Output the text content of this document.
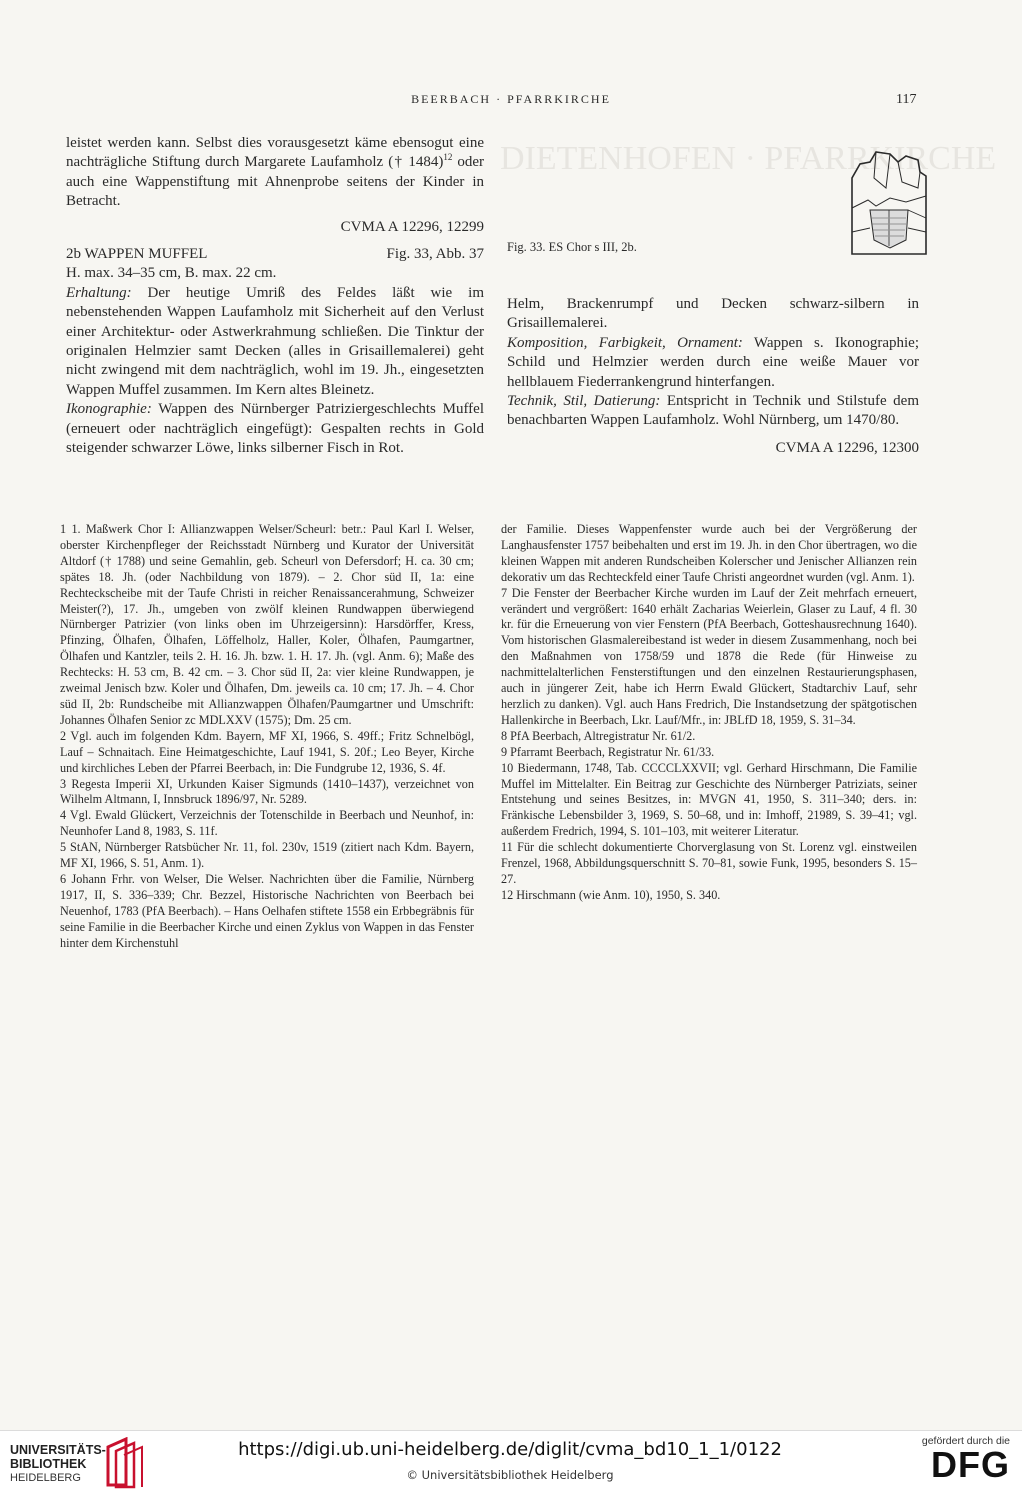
DIETENHOFEN · PFARRKIRCHE
BEERBACH · PFARRKIRCHE	117

leistet werden kann. Selbst dies vorausgesetzt käme ebensogut eine nachträgliche Stiftung durch Margarete Laufamholz († 1484)$^{12}$ oder auch eine Wappenstiftung mit Ahnenprobe seitens der Kinder in Betracht.

CVMA A 12296, 12299

2b WAPPEN MUFFEL	Fig. 33, Abb. 37

H. max. 34–35 cm, B. max. 22 cm.

Erhaltung: Der heutige Umriß des Feldes läßt wie im nebenstehenden Wappen Laufamholz mit Sicherheit auf den Verlust einer Architektur- oder Astwerkrahmung schließen. Die Tinktur der originalen Helmzier samt Decken (alles in Grisaillemalerei) geht nicht zwingend mit dem nachträglich, wohl im 19. Jh., eingesetzten Wappen Muffel zusammen. Im Kern altes Bleinetz.

Ikonographie: Wappen des Nürnberger Patriziergeschlechts Muffel (erneuert oder nachträglich eingefügt): Gespalten rechts in Gold steigender schwarzer Löwe, links silberner Fisch in Rot.

Fig. 33. ES Chor s III, 2b.

Helm, Brackenrumpf und Decken schwarz-silbern in Grisaillemalerei.

Komposition, Farbigkeit, Ornament: Wappen s. Ikonographie; Schild und Helmzier werden durch eine weiße Mauer vor hellblauem Fiederrankengrund hinterfangen.

Technik, Stil, Datierung: Entspricht in Technik und Stilstufe dem benachbarten Wappen Laufamholz. Wohl Nürnberg, um 1470/80.

CVMA A 12296, 12300

1 1. Maßwerk Chor I: Allianzwappen Welser/Scheurl: betr.: Paul Karl I. Welser, oberster Kirchenpfleger der Reichsstadt Nürnberg und Kurator der Universität Altdorf († 1788) und seine Gemahlin, geb. Scheurl von Defersdorf; H. ca. 30 cm; spätes 18. Jh. (oder Nachbildung von 1879). – 2. Chor süd II, 1a: eine Rechteckscheibe mit der Taufe Christi in reicher Renaissancerahmung, Schweizer Meister(?), 17. Jh., umgeben von zwölf kleinen Rundwappen überwiegend Nürnberger Patrizier (von links oben im Uhrzeigersinn): Harsdörffer, Kress, Pfinzing, Ölhafen, Ölhafen, Löffelholz, Haller, Koler, Ölhafen, Paumgartner, Ölhafen und Kantzler, teils 2. H. 16. Jh. bzw. 1. H. 17. Jh. (vgl. Anm. 6); Maße des Rechtecks: H. 53 cm, B. 42 cm. – 3. Chor süd II, 2a: vier kleine Rundwappen, je zweimal Jenisch bzw. Koler und Ölhafen, Dm. jeweils ca. 10 cm; 17. Jh. – 4. Chor süd II, 2b: Rundscheibe mit Allianzwappen Ölhafen/Paumgartner und Umschrift: Johannes Ölhafen Senior zc MDLXXV (1575); Dm. 25 cm.

2 Vgl. auch im folgenden Kdm. Bayern, MF XI, 1966, S. 49ff.; Fritz Schnelbögl, Lauf – Schnaitach. Eine Heimatgeschichte, Lauf 1941, S. 20f.; Leo Beyer, Kirche und kirchliches Leben der Pfarrei Beerbach, in: Die Fundgrube 12, 1936, S. 4f.

3 Regesta Imperii XI, Urkunden Kaiser Sigmunds (1410–1437), verzeichnet von Wilhelm Altmann, I, Innsbruck 1896/97, Nr. 5289.

4 Vgl. Ewald Glückert, Verzeichnis der Totenschilde in Beerbach und Neunhof, in: Neunhofer Land 8, 1983, S. 11f.

5 StAN, Nürnberger Ratsbücher Nr. 11, fol. 230v, 1519 (zitiert nach Kdm. Bayern, MF XI, 1966, S. 51, Anm. 1).

6 Johann Frhr. von Welser, Die Welser. Nachrichten über die Familie, Nürnberg 1917, II, S. 336–339; Chr. Bezzel, Historische Nachrichten von Beerbach bei Neuenhof, 1783 (PfA Beerbach). – Hans Oelhafen stiftete 1558 ein Erbbegräbnis für seine Familie in die Beerbacher Kirche und einen Zyklus von Wappen in das Fenster hinter dem Kirchenstuhl

der Familie. Dieses Wappenfenster wurde auch bei der Vergrößerung der Langhausfenster 1757 beibehalten und erst im 19. Jh. in den Chor übertragen, wo die kleinen Wappen mit anderen Rundscheiben Kolerscher und Jenischer Allianzen rein dekorativ um das Rechteckfeld einer Taufe Christi angeordnet wurden (vgl. Anm. 1).

7 Die Fenster der Beerbacher Kirche wurden im Lauf der Zeit mehrfach erneuert, verändert und vergrößert: 1640 erhält Zacharias Weierlein, Glaser zu Lauf, 4 fl. 30 kr. für die Erneuerung von vier Fenstern (PfA Beerbach, Gotteshausrechnung 1640). Vom historischen Glasmalereibestand ist weder in diesem Zusammenhang, noch bei den Maßnahmen von 1758/59 und 1878 die Rede (für Hinweise zu nachmittelalterlichen Fensterstiftungen und den einzelnen Restaurierungsphasen, auch in jüngerer Zeit, habe ich Herrn Ewald Glückert, Stadtarchiv Lauf, sehr herzlich zu danken). Vgl. auch Hans Fredrich, Die Instandsetzung der spätgotischen Hallenkirche in Beerbach, Lkr. Lauf/Mfr., in: JBLfD 18, 1959, S. 31–34.

8 PfA Beerbach, Altregistratur Nr. 61/2.

9 Pfarramt Beerbach, Registratur Nr. 61/33.

10 Biedermann, 1748, Tab. CCCCLXXVII; vgl. Gerhard Hirschmann, Die Familie Muffel im Mittelalter. Ein Beitrag zur Geschichte des Nürnberger Patriziats, seiner Entstehung und seines Besitzes, in: MVGN 41, 1950, S. 311–340; ders. in: Fränkische Lebensbilder 3, 1969, S. 50–68, und in: Imhoff, 21989, S. 39–41; vgl. außerdem Fredrich, 1994, S. 101–103, mit weiterer Literatur.

11 Für die schlecht dokumentierte Chorverglasung von St. Lorenz vgl. einstweilen Frenzel, 1968, Abbildungsquerschnitt S. 70–81, sowie Funk, 1995, besonders S. 15–27.

12 Hirschmann (wie Anm. 10), 1950, S. 340.

UNIVERSITÄTS-
BIBLIOTHEK
HEIDELBERG
https://digi.ub.uni-heidelberg.de/diglit/cvma_bd10_1_1/0122
© Universitätsbibliothek Heidelberg
gefördert durch die
DFG
